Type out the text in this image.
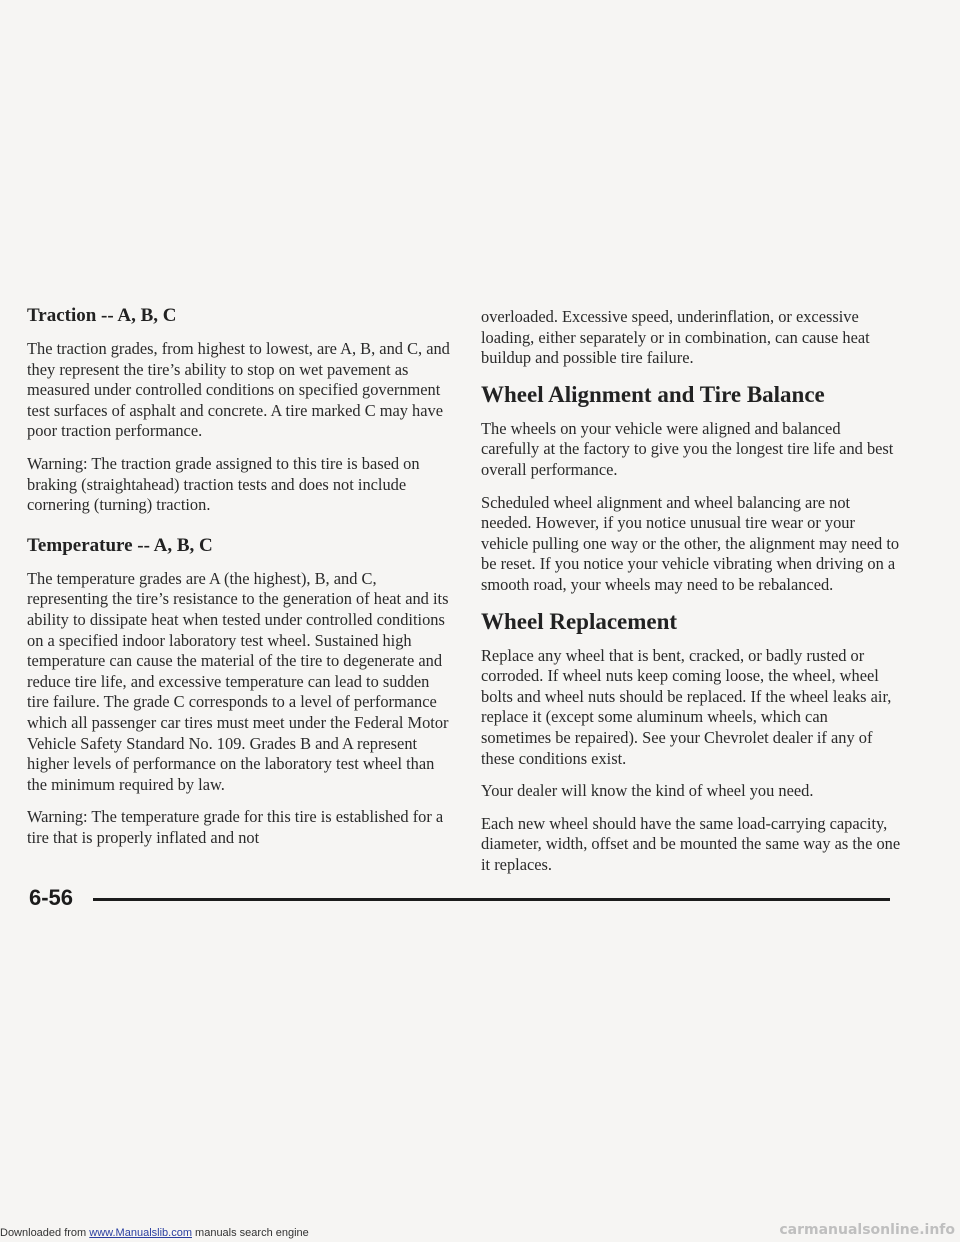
Traction -- A, B, C

The traction grades, from highest to lowest, are A, B, and C, and they represent the tire’s ability to stop on wet pavement as measured under controlled conditions on specified government test surfaces of asphalt and concrete. A tire marked C may have poor traction performance.

Warning: The traction grade assigned to this tire is based on braking (straightahead) traction tests and does not include cornering (turning) traction.

Temperature -- A, B, C

The temperature grades are A (the highest), B, and C, representing the tire’s resistance to the generation of heat and its ability to dissipate heat when tested under controlled conditions on a specified indoor laboratory test wheel. Sustained high temperature can cause the material of the tire to degenerate and reduce tire life, and excessive temperature can lead to sudden tire failure. The grade C corresponds to a level of performance which all passenger car tires must meet under the Federal Motor Vehicle Safety Standard No. 109. Grades B and A represent higher levels of performance on the laboratory test wheel than the minimum required by law.

Warning: The temperature grade for this tire is established for a tire that is properly inflated and not

overloaded. Excessive speed, underinflation, or excessive loading, either separately or in combination, can cause heat buildup and possible tire failure.

Wheel Alignment and Tire Balance

The wheels on your vehicle were aligned and balanced carefully at the factory to give you the longest tire life and best overall performance.

Scheduled wheel alignment and wheel balancing are not needed. However, if you notice unusual tire wear or your vehicle pulling one way or the other, the alignment may need to be reset. If you notice your vehicle vibrating when driving on a smooth road, your wheels may need to be rebalanced.

Wheel Replacement

Replace any wheel that is bent, cracked, or badly rusted or corroded. If wheel nuts keep coming loose, the wheel, wheel bolts and wheel nuts should be replaced. If the wheel leaks air, replace it (except some aluminum wheels, which can sometimes be repaired). See your Chevrolet dealer if any of these conditions exist.

Your dealer will know the kind of wheel you need.

Each new wheel should have the same load-carrying capacity, diameter, width, offset and be mounted the same way as the one it replaces.

6-56
Downloaded from www.Manualslib.com manuals search engine	carmanualsonline.info
